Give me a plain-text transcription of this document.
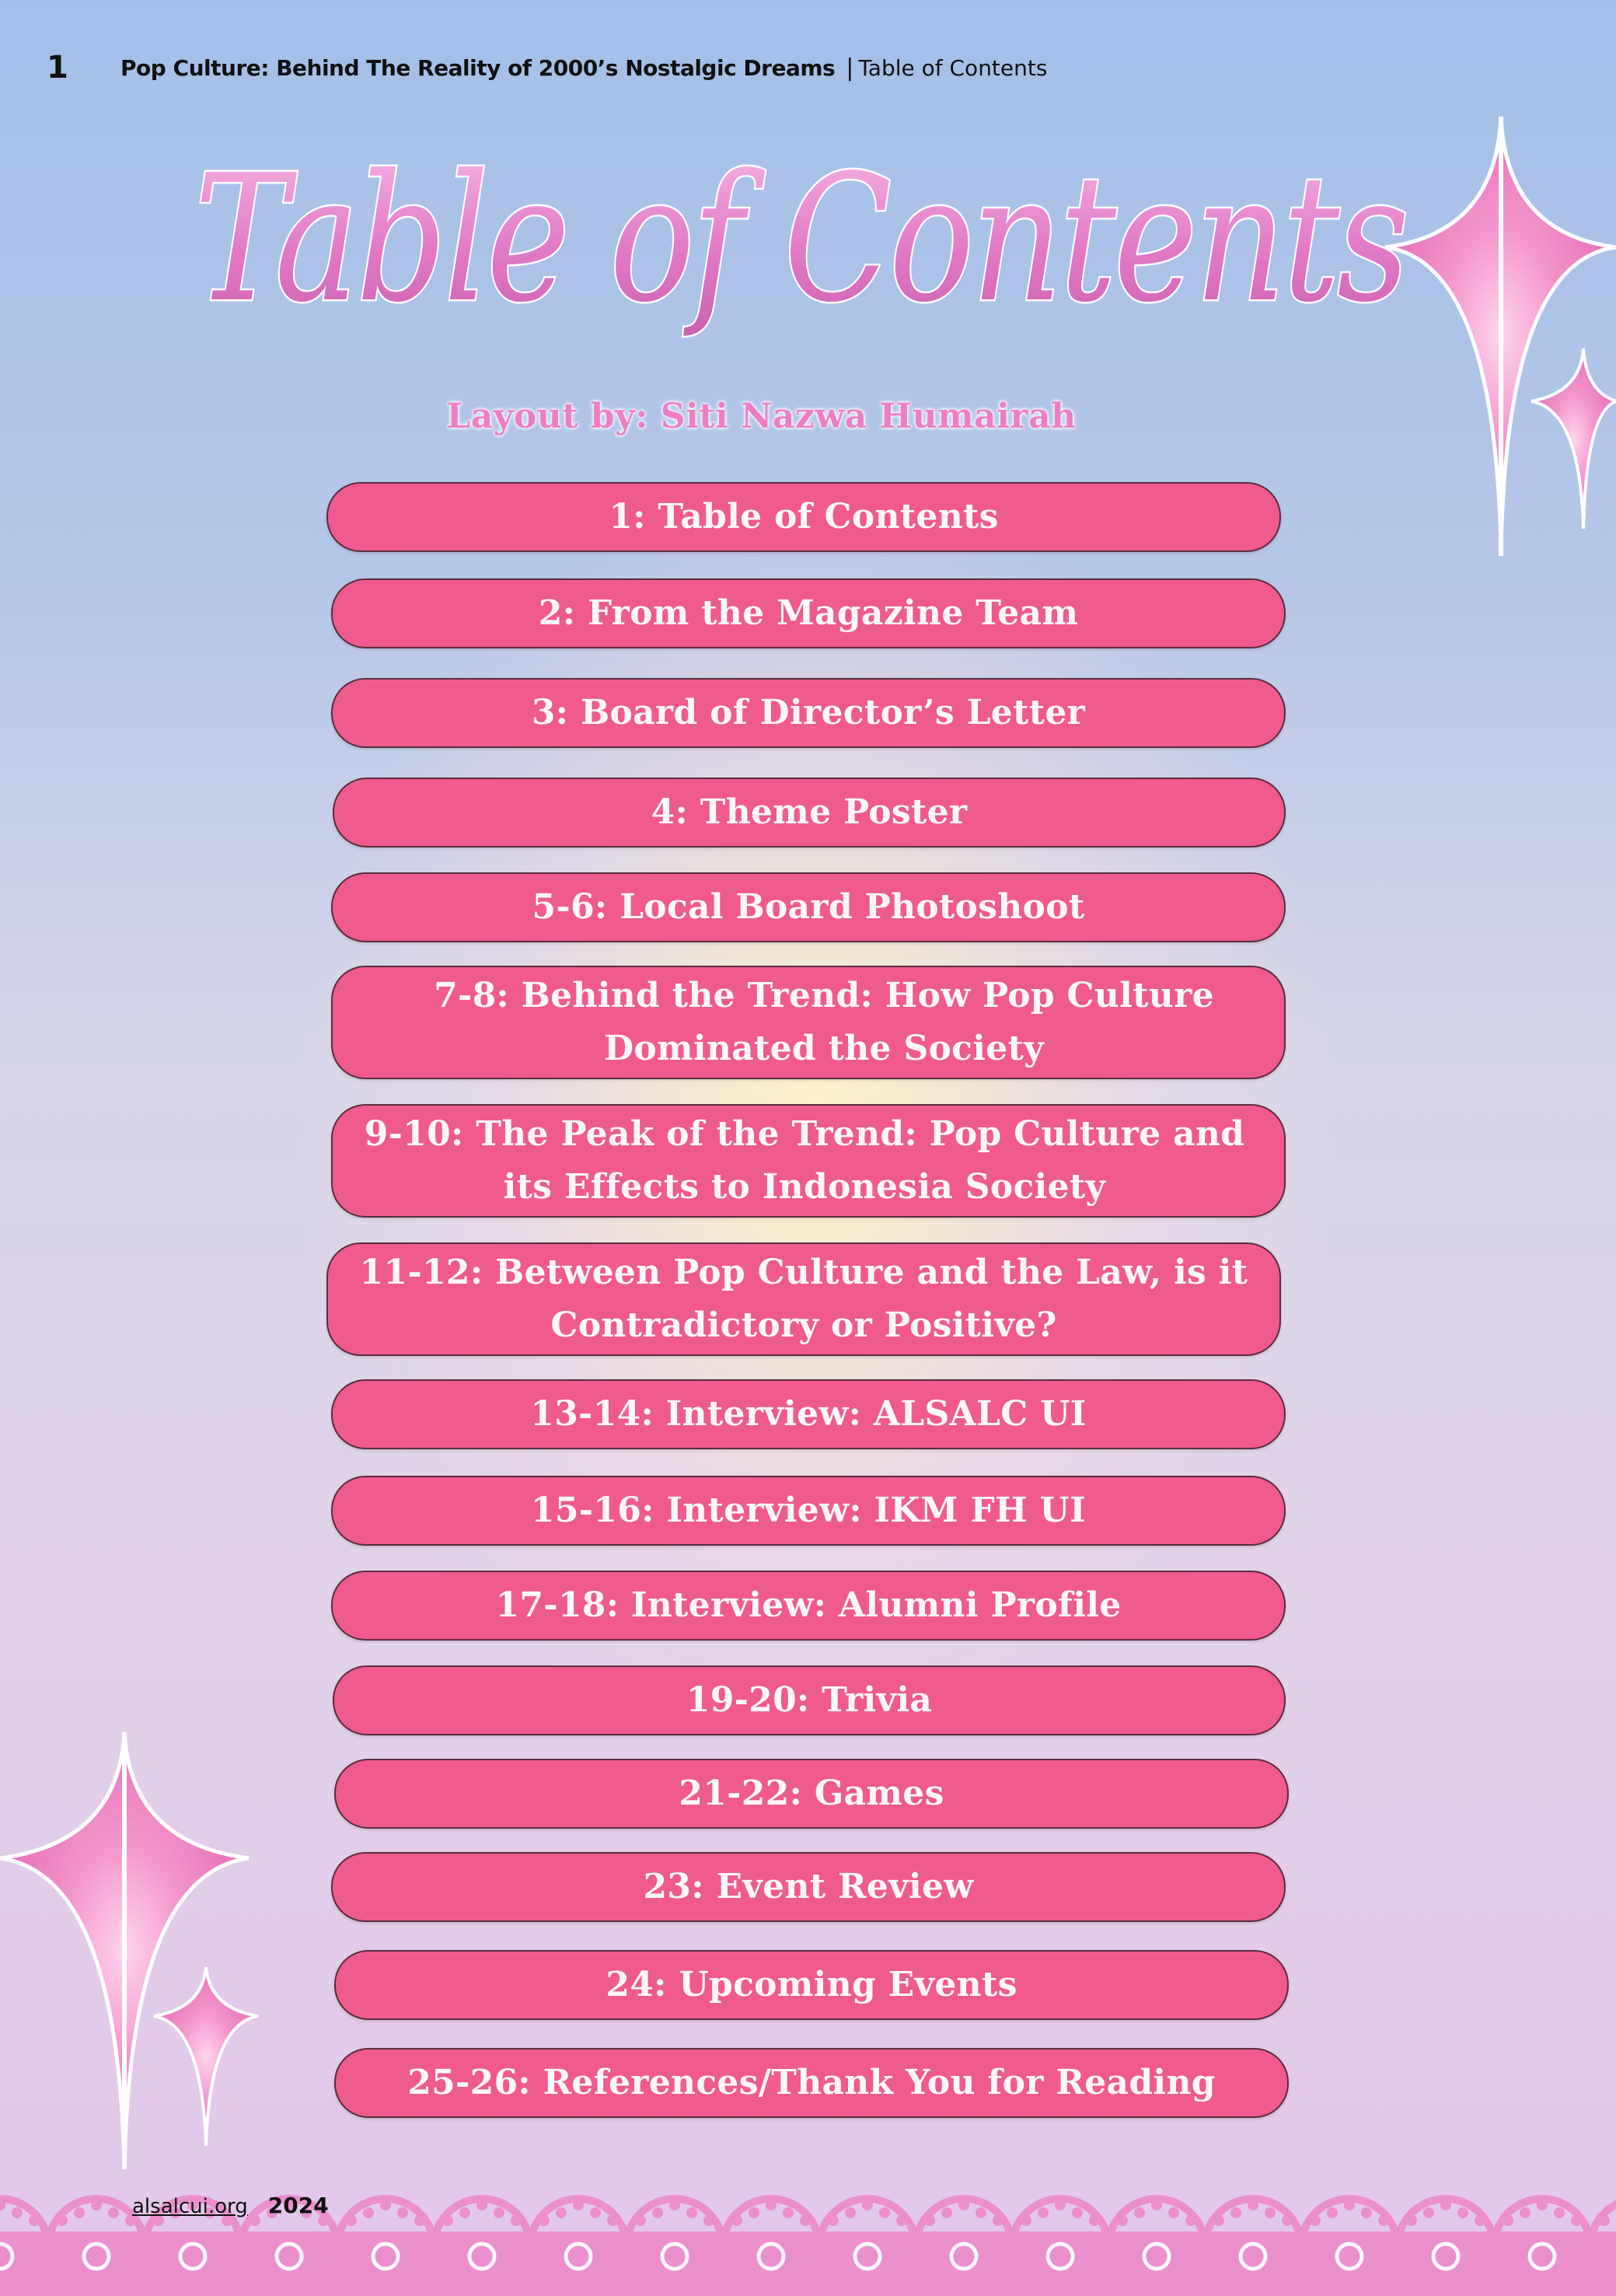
1	Pop Culture: Behind The Reality of 2000’s Nostalgic Dreams | Table of Contents
Table of Contents
Layout by: Siti Nazwa Humairah
1: Table of Contents
2: From the Magazine Team
3: Board of Director’s Letter
4: Theme Poster
5-6: Local Board Photoshoot
7-8: Behind the Trend: How Pop Culture
Dominated the Society
9-10: The Peak of the Trend: Pop Culture and
its Effects to Indonesia Society
11-12: Between Pop Culture and the Law, is it
Contradictory or Positive?
13-14: Interview: ALSALC UI
15-16: Interview: IKM FH UI
17-18: Interview: Alumni Profile
19-20: Trivia
21-22: Games
23: Event Review
24: Upcoming Events
25-26: References/Thank You for Reading
alsalcui.org 2024
